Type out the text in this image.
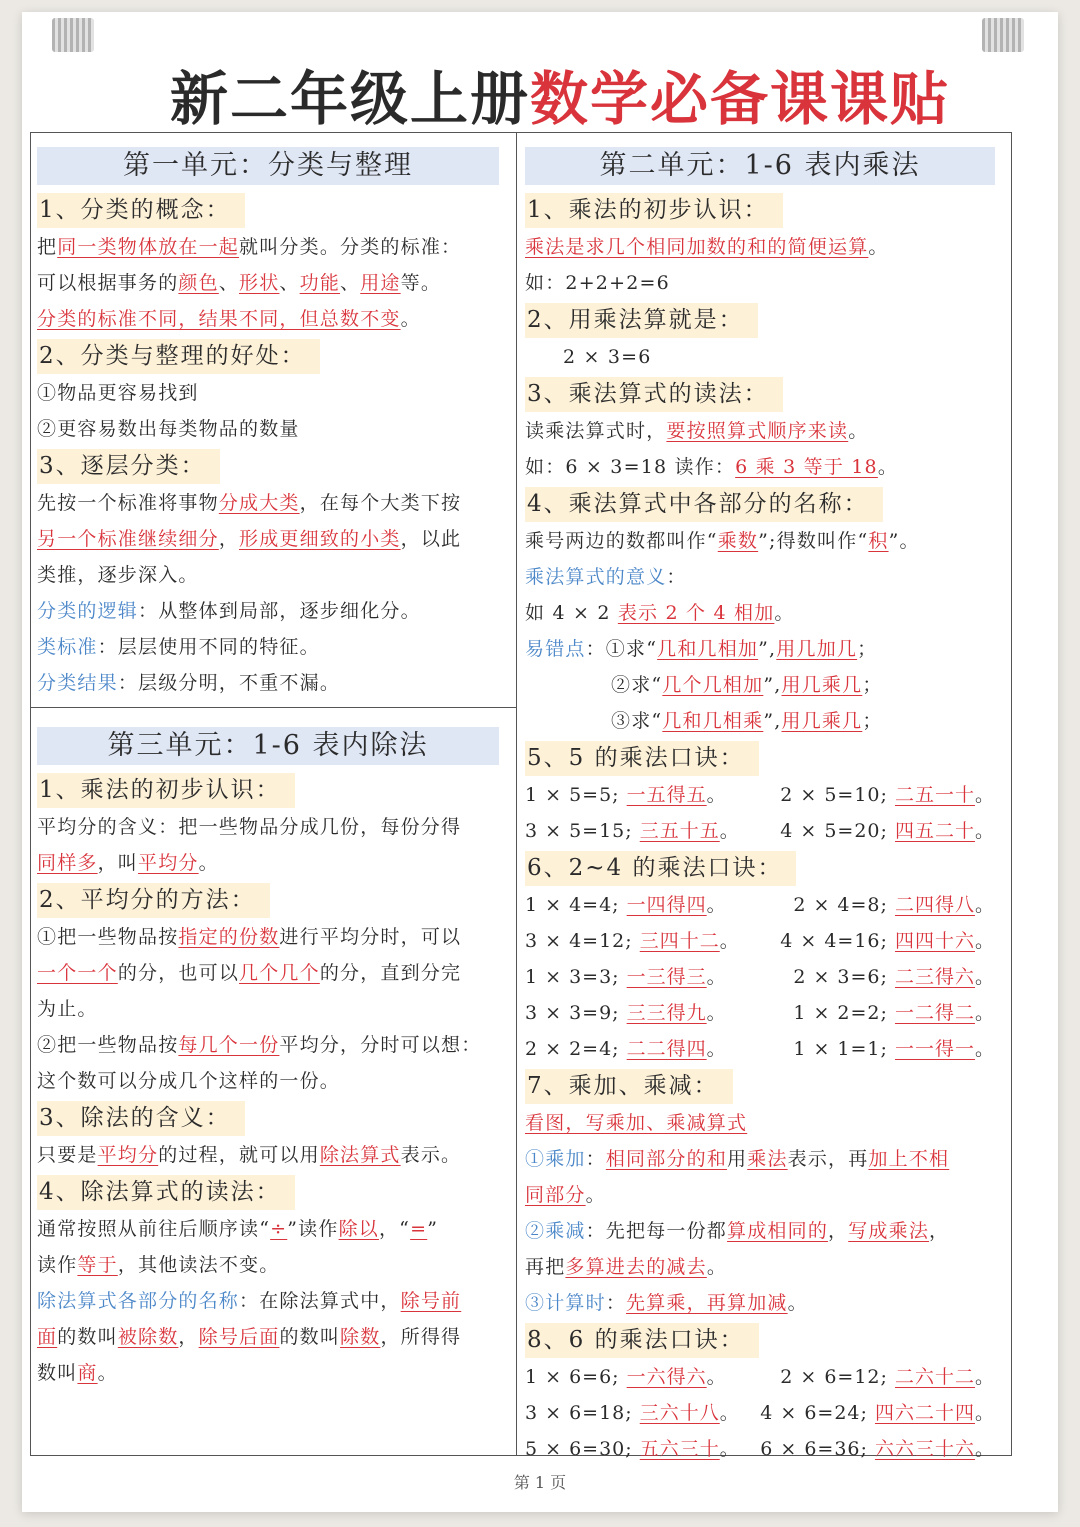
新二年级上册数学必备课课贴
第一单元：分类与整理
1、分类的概念：
把同一类物体放在一起就叫分类。分类的标准：
可以根据事务的颜色、形状、功能、用途等。
分类的标准不同，结果不同，但总数不变。
2、分类与整理的好处：
①物品更容易找到
②更容易数出每类物品的数量
3、逐层分类：
先按一个标准将事物分成大类，在每个大类下按
另一个标准继续细分，形成更细致的小类，以此
类推，逐步深入。
分类的逻辑：从整体到局部，逐步细化分。
类标准：层层使用不同的特征。
分类结果：层级分明，不重不漏。
第三单元：1-6 表内除法
1、乘法的初步认识：
平均分的含义：把一些物品分成几份，每份分得
同样多，叫平均分。
2、平均分的方法：
①把一些物品按指定的份数进行平均分时，可以
一个一个的分，也可以几个几个的分，直到分完
为止。
②把一些物品按每几个一份平均分，分时可以想：
这个数可以分成几个这样的一份。
3、除法的含义：
只要是平均分的过程，就可以用除法算式表示。
4、除法算式的读法：
通常按照从前往后顺序读“÷”读作除以，“=”
读作等于，其他读法不变。
除法算式各部分的名称：在除法算式中，除号前
面的数叫被除数，除号后面的数叫除数，所得得
数叫商。
第二单元：1-6 表内乘法
1、乘法的初步认识：
乘法是求几个相同加数的和的简便运算。
如：2+2+2=6
2、用乘法算就是：
2 × 3=6
3、乘法算式的读法：
读乘法算式时，要按照算式顺序来读。
如：6 × 3=18 读作：6 乘 3 等于 18。
4、乘法算式中各部分的名称：
乘号两边的数都叫作“乘数”;得数叫作“积”。
乘法算式的意义：
如 4 × 2 表示 2 个 4 相加。
易错点：①求“几和几相加”,用几加几；
②求“几个几相加”,用几乘几；
③求“几和几相乘”,用几乘几；
5、5 的乘法口诀：
1 × 5=5; 一五得五。	2 × 5=10; 二五一十。
3 × 5=15; 三五十五。	4 × 5=20; 四五二十。
6、2~4 的乘法口诀：
1 × 4=4; 一四得四。	2 × 4=8; 二四得八。
3 × 4=12; 三四十二。	4 × 4=16; 四四十六。
1 × 3=3; 一三得三。	2 × 3=6; 二三得六。
3 × 3=9; 三三得九。	1 × 2=2; 一二得二。
2 × 2=4; 二二得四。	1 × 1=1; 一一得一。
7、乘加、乘减：
看图，写乘加、乘减算式
①乘加：相同部分的和用乘法表示，再加上不相
同部分。
②乘减：先把每一份都算成相同的，写成乘法，
再把多算进去的减去。
③计算时：先算乘，再算加减。
8、6 的乘法口诀：
1 × 6=6; 一六得六。	2 × 6=12; 二六十二。
3 × 6=18; 三六十八。	4 × 6=24; 四六二十四。
5 × 6=30; 五六三十。	6 × 6=36; 六六三十六。
第 1 页
